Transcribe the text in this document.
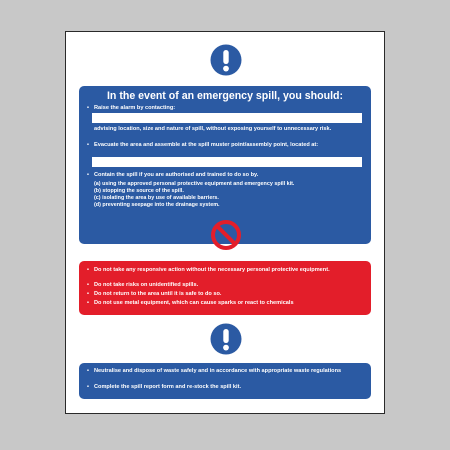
In the event of an emergency spill, you should:
• Raise the alarm by contacting:
advising location, size and nature of spill, without exposing yourself to unnecessary risk.
• Evacuate the area and assemble at the spill muster point/assembly point, located at:
• Contain the spill if you are authorised and trained to do so by.
(a) using the approved personal protective equipment and emergency spill kit.
(b) stopping the source of the spill.
(c) isolating the area by use of available barriers.
(d) preventing seepage into the drainage system.
• Do not take any responsive action without the necessary personal protective equipment.
• Do not take risks on unidentified spills.
• Do not return to the area until it is safe to do so.
• Do not use metal equipment, which can cause sparks or react to chemicals
• Neutralise and dispose of waste safely and in accordance with appropriate waste regulations
• Complete the spill report form and re-stock the spill kit.
